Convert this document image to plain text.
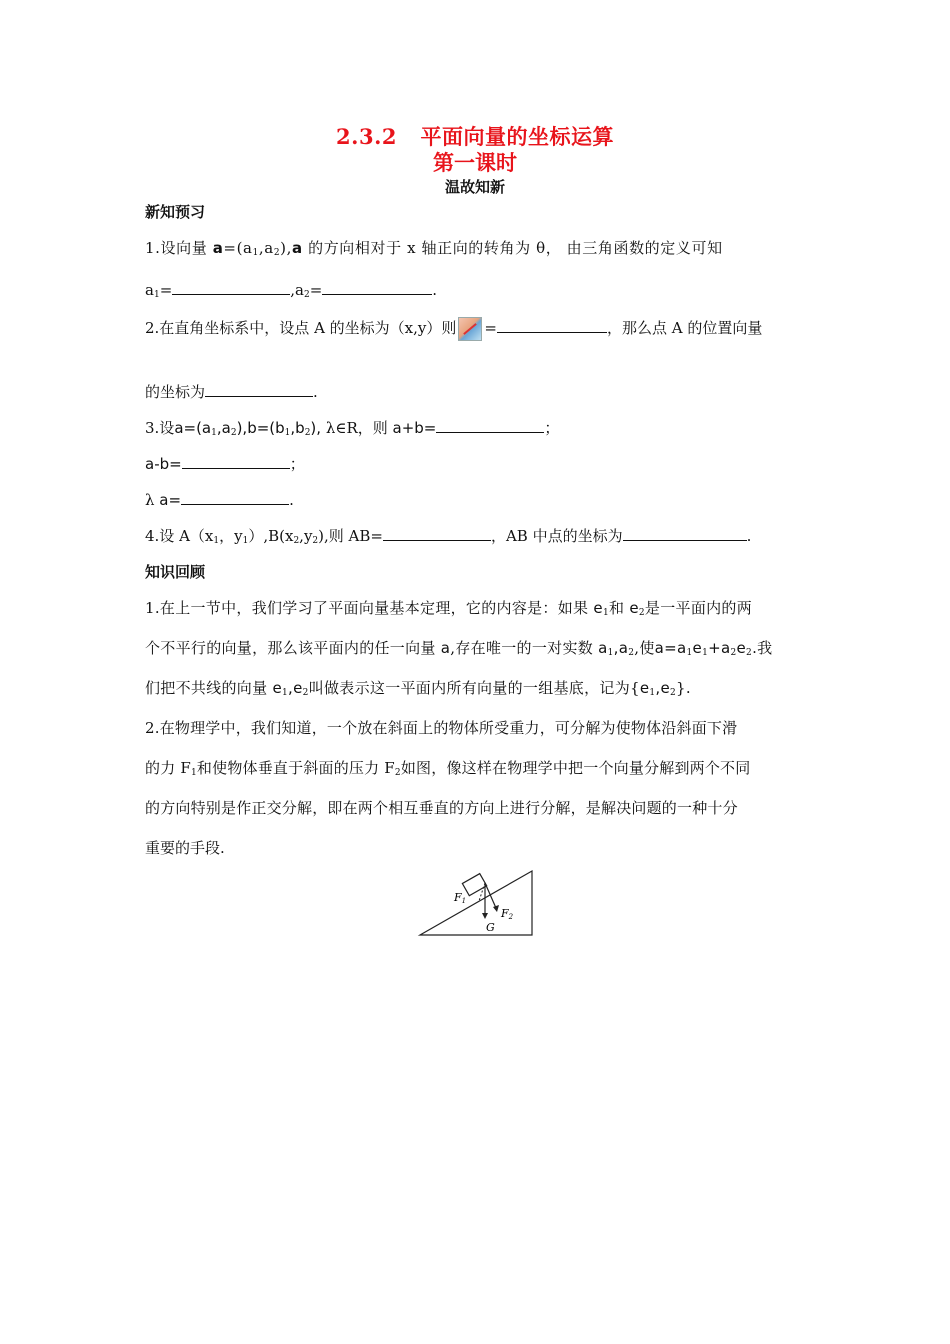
2.3.2 平面向量的坐标运算
第一课时
温故知新
新知预习
1.设向量 $a=(a_1,a_2),a$ 的方向相对于 x 轴正向的转角为 θ， 由三角函数的定义可知
$a_1=$	$,a_2=$	.
2.在直角坐标系中，设点 A 的坐标为（x,y）则 =	，那么点 A 的位置向量
的坐标为	.
3.设$a=(a_1,a_2),b=(b_1,b_2)$, λ∈R，则 a+b=	；
a-b=	；
λ a=	.
4.设 $A(x_1$，$y_1),B(x_2,y_2)$,则 AB=	，AB 中点的坐标为	.
知识回顾
1.在上一节中，我们学习了平面向量基本定理，它的内容是：如果 $e_1$和 $e_2$是一平面内的两
个不平行的向量，那么该平面内的任一向量 a,存在唯一的一对实数 $a_1,a_2$,使$a=a_1e_1+a_2e_2$.我
们把不共线的向量 $e_1,e_2$叫做表示这一平面内所有向量的一组基底，记为$\{e_1,e_2\}$.
2.在物理学中，我们知道，一个放在斜面上的物体所受重力，可分解为使物体沿斜面下滑
的力 $F_1$和使物体垂直于斜面的压力 $F_2$如图，像这样在物理学中把一个向量分解到两个不同
的方向特别是作正交分解，即在两个相互垂直的方向上进行分解，是解决问题的一种十分
重要的手段.
F1
F2
G
